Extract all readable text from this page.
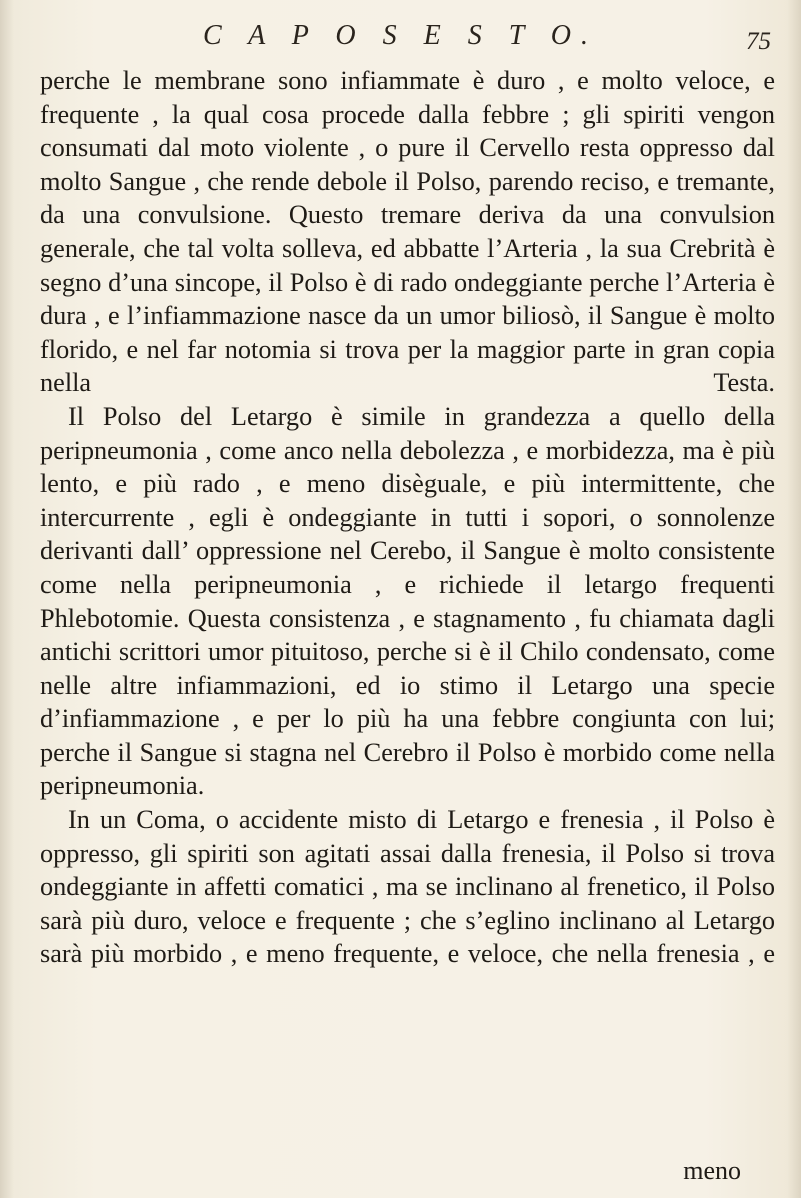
C A P O S E S T O.	75

perche le membrane sono infiammate è duro , e molto veloce, e frequente , la qual cosa procede dalla febbre ; gli spiriti vengon consumati dal moto violente , o pure il Cervello resta oppresso dal molto Sangue , che rende debole il Polso, parendo reciso, e tremante, da una convulsione. Questo tremare deriva da una convulsion generale, che tal volta solleva, ed abbatte l’Arteria , la sua Crebrità è segno d’una sincope, il Polso è di rado ondeggiante perche l’Arteria è dura , e l’infiammazione nasce da un umor biliosò, il Sangue è molto florido, e nel far notomia si trova per la maggior parte in gran copia nella Testa.

Il Polso del Letargo è simile in grandezza a quello della peripneumonia , come anco nella debolezza , e morbidezza, ma è più lento, e più rado , e meno disèguale, e più intermittente, che intercurrente , egli è ondeggiante in tutti i sopori, o sonnolenze derivanti dall’ oppressione nel Cerebo, il Sangue è molto consistente come nella peripneumonia , e richiede il letargo frequenti Phlebotomie. Questa consistenza , e stagnamento , fu chiamata dagli antichi scrittori umor pituitoso, perche si è il Chilo condensato, come nelle altre infiammazioni, ed io stimo il Letargo una specie d’infiammazione , e per lo più ha una febbre congiunta con lui; perche il Sangue si stagna nel Cerebro il Polso è morbido come nella peripneumonia.

In un Coma, o accidente misto di Letargo e frenesia , il Polso è oppresso, gli spiriti son agitati assai dalla frenesia, il Polso si trova ondeggiante in affetti comatici , ma se inclinano al frenetico, il Polso sarà più duro, veloce e frequente ; che s’eglino inclinano al Letargo sarà più morbido , e meno frequente, e veloce, che nella frenesia , e

meno
